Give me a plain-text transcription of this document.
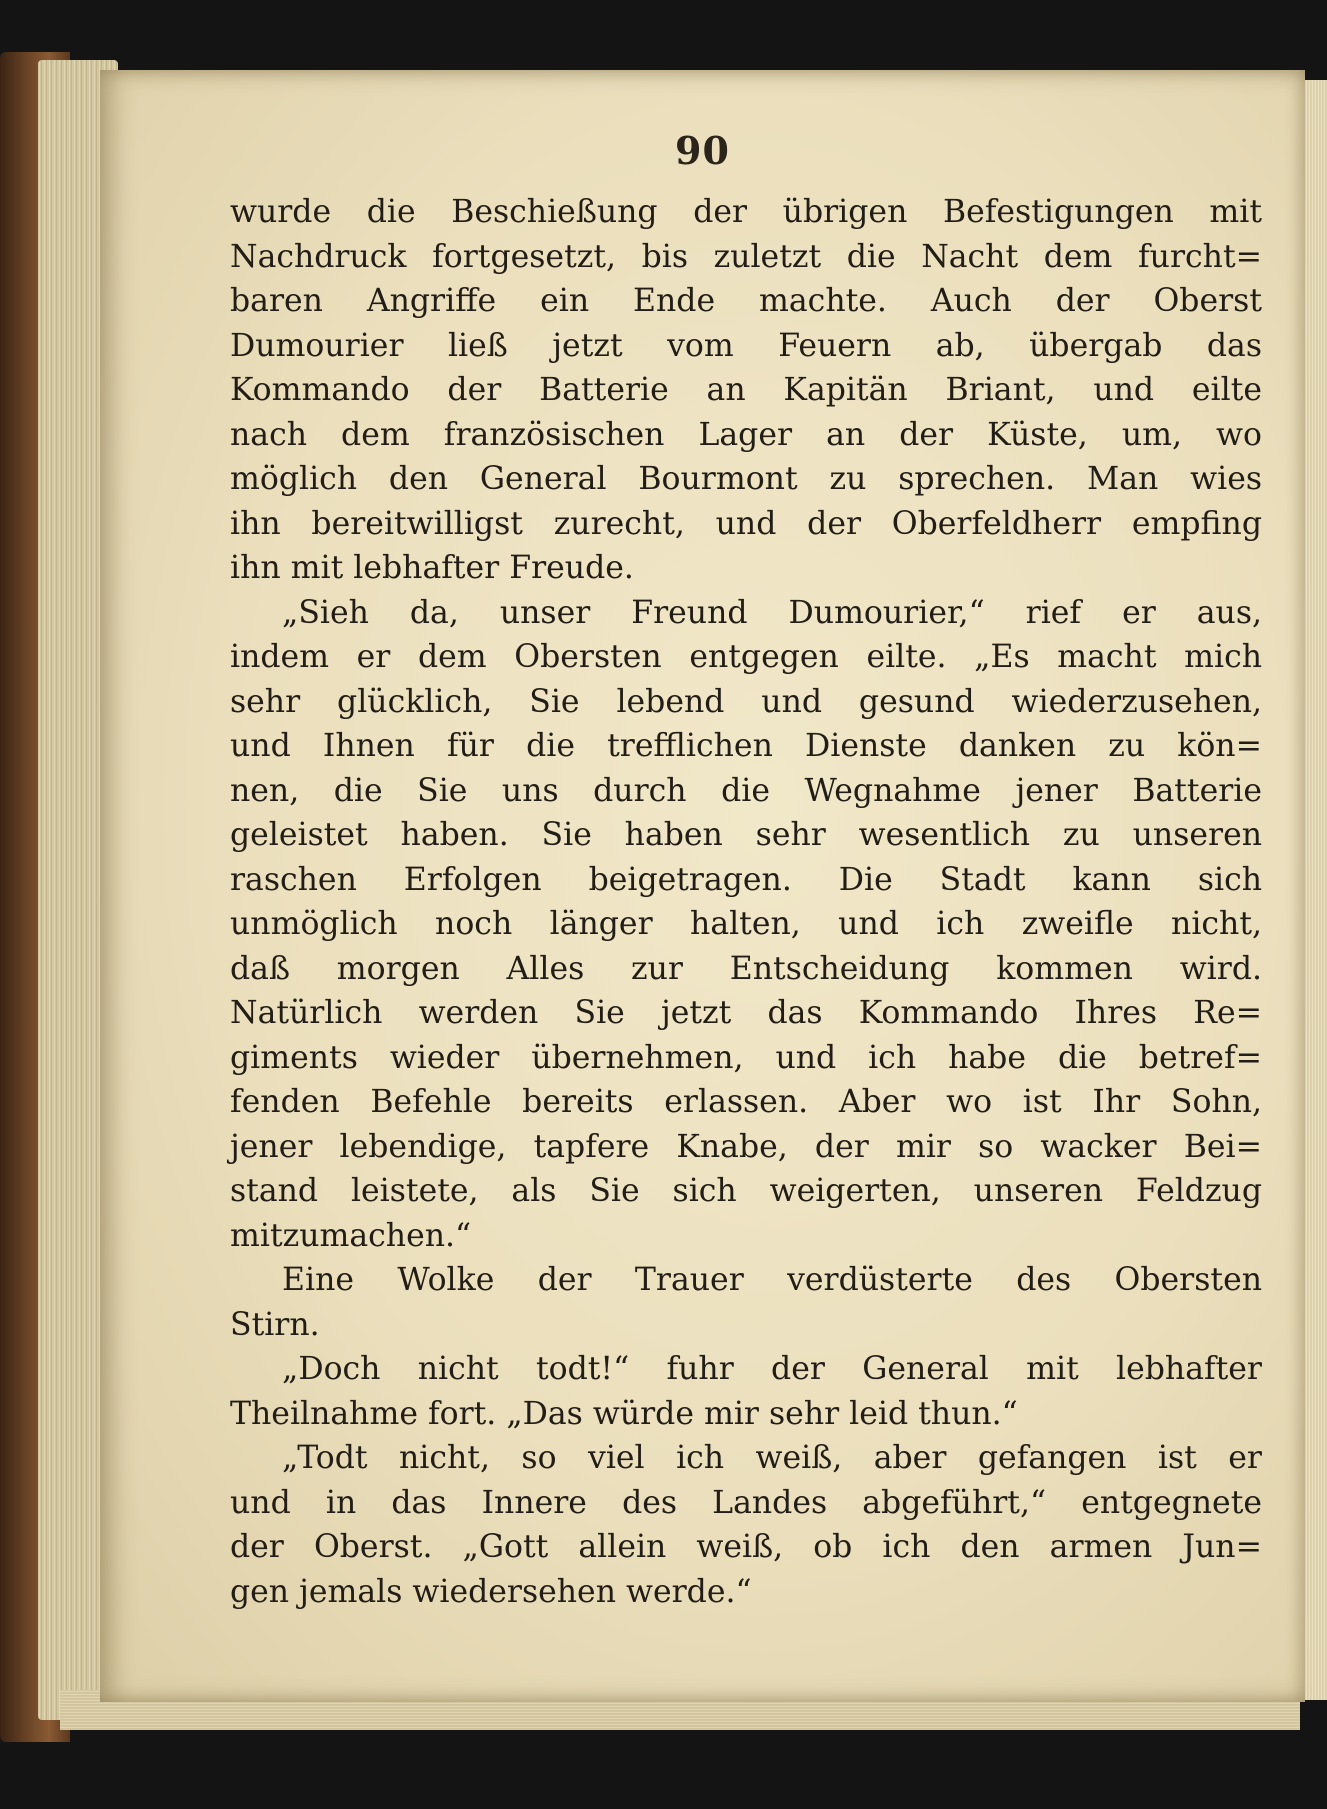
90
wurde die Beschießung der übrigen Befestigungen mit
Nachdruck fortgesetzt, bis zuletzt die Nacht dem furcht=
baren Angriffe ein Ende machte. Auch der Oberst
Dumourier ließ jetzt vom Feuern ab, übergab das
Kommando der Batterie an Kapitän Briant, und eilte
nach dem französischen Lager an der Küste, um, wo
möglich den General Bourmont zu sprechen. Man wies
ihn bereitwilligst zurecht, und der Oberfeldherr empfing
ihn mit lebhafter Freude.
„Sieh da, unser Freund Dumourier,“ rief er aus,
indem er dem Obersten entgegen eilte. „Es macht mich
sehr glücklich, Sie lebend und gesund wiederzusehen,
und Ihnen für die trefflichen Dienste danken zu kön=
nen, die Sie uns durch die Wegnahme jener Batterie
geleistet haben. Sie haben sehr wesentlich zu unseren
raschen Erfolgen beigetragen. Die Stadt kann sich
unmöglich noch länger halten, und ich zweifle nicht,
daß morgen Alles zur Entscheidung kommen wird.
Natürlich werden Sie jetzt das Kommando Ihres Re=
giments wieder übernehmen, und ich habe die betref=
fenden Befehle bereits erlassen. Aber wo ist Ihr Sohn,
jener lebendige, tapfere Knabe, der mir so wacker Bei=
stand leistete, als Sie sich weigerten, unseren Feldzug
mitzumachen.“
Eine Wolke der Trauer verdüsterte des Obersten
Stirn.
„Doch nicht todt!“ fuhr der General mit lebhafter
Theilnahme fort. „Das würde mir sehr leid thun.“
„Todt nicht, so viel ich weiß, aber gefangen ist er
und in das Innere des Landes abgeführt,“ entgegnete
der Oberst. „Gott allein weiß, ob ich den armen Jun=
gen jemals wiedersehen werde.“
